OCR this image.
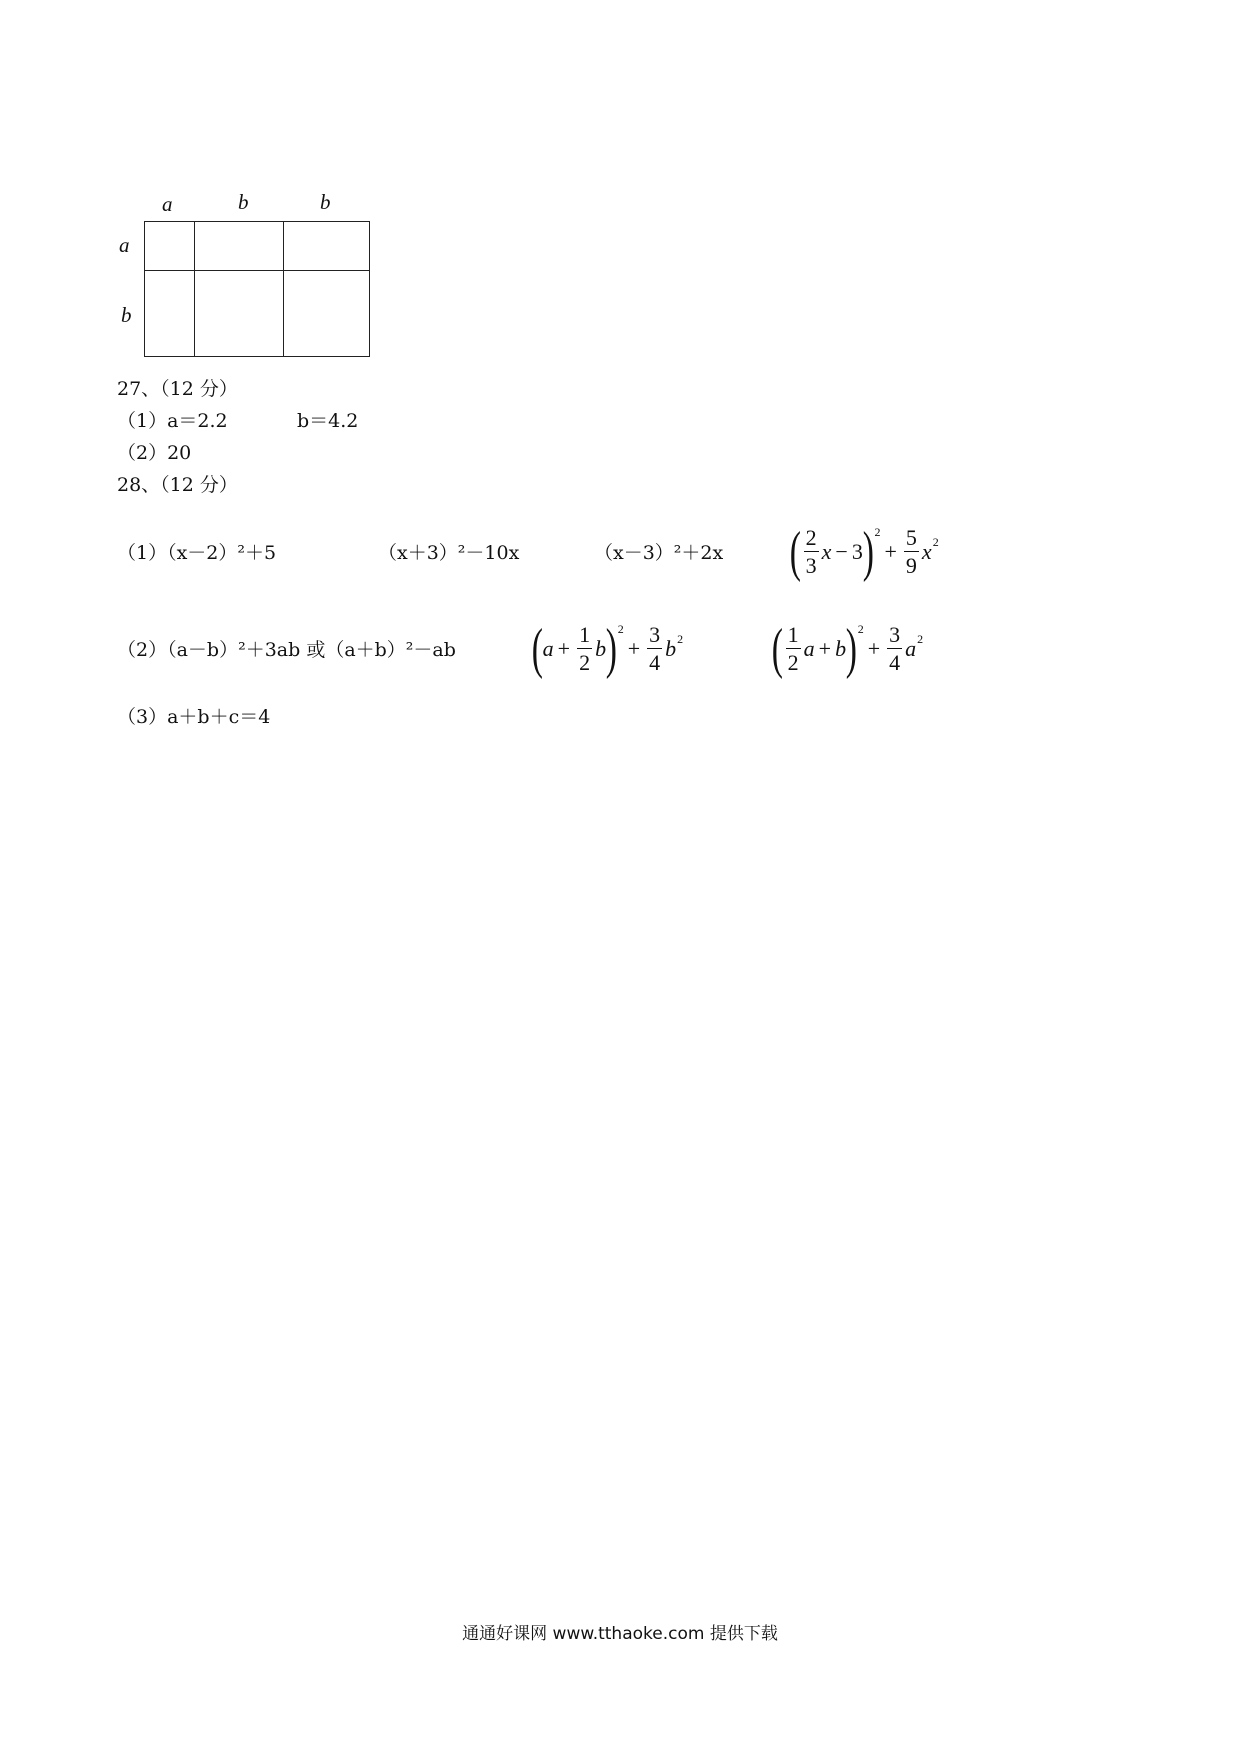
a	b	b
a
b
27、（12 分）
（1）a＝2.2	b＝4.2
（2）20
28、（12 分）
（1）（x－2）²＋5	（x＋3）²－10x	（x－3）²＋2x ( $\frac{2}{3}$ x − 3 ) 2
+ $\frac{5}{9}$ x 2
（2）（a－b）²＋3ab 或（a＋b）²－ab ( $a + \frac{1}{2}$ b ) 2
+ $\frac{3}{4}$ b 2 ( $\frac{1}{2}$ a + b ) 2
+ $\frac{3}{4}$ a 2
（3）a＋b＋c＝4
通通好课网 www.tthaoke.com 提供下载
